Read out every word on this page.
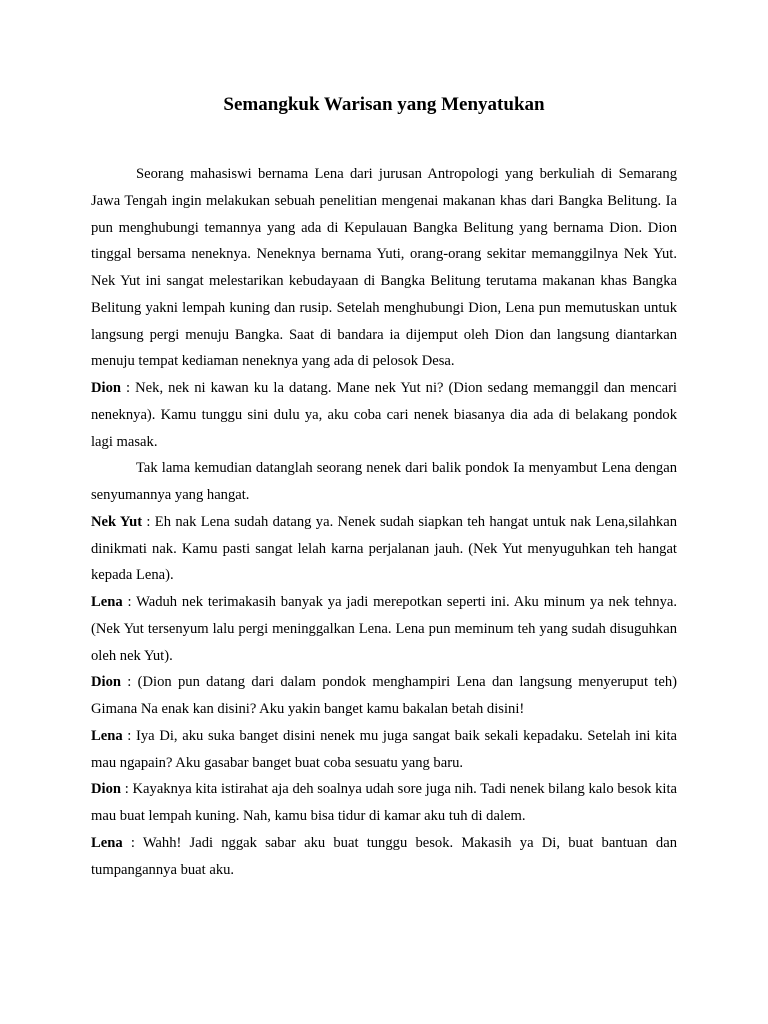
Semangkuk Warisan yang Menyatukan

Seorang mahasiswi bernama Lena dari jurusan Antropologi yang berkuliah di Semarang Jawa Tengah ingin melakukan sebuah penelitian mengenai makanan khas dari Bangka Belitung. Ia pun menghubungi temannya yang ada di Kepulauan Bangka Belitung yang bernama Dion. Dion tinggal bersama neneknya. Neneknya bernama Yuti, orang-orang sekitar memanggilnya Nek Yut. Nek Yut ini sangat melestarikan kebudayaan di Bangka Belitung terutama makanan khas Bangka Belitung yakni lempah kuning dan rusip. Setelah menghubungi Dion, Lena pun memutuskan untuk langsung pergi menuju Bangka. Saat di bandara ia dijemput oleh Dion dan langsung diantarkan menuju tempat kediaman neneknya yang ada di pelosok Desa.

Dion : Nek, nek ni kawan ku la datang. Mane nek Yut ni? (Dion sedang memanggil dan mencari neneknya). Kamu tunggu sini dulu ya, aku coba cari nenek biasanya dia ada di belakang pondok lagi masak.

Tak lama kemudian datanglah seorang nenek dari balik pondok Ia menyambut Lena dengan senyumannya yang hangat.

Nek Yut : Eh nak Lena sudah datang ya. Nenek sudah siapkan teh hangat untuk nak Lena,silahkan dinikmati nak. Kamu pasti sangat lelah karna perjalanan jauh. (Nek Yut menyuguhkan teh hangat kepada Lena).

Lena : Waduh nek terimakasih banyak ya jadi merepotkan seperti ini. Aku minum ya nek tehnya. (Nek Yut tersenyum lalu pergi meninggalkan Lena. Lena pun meminum teh yang sudah disuguhkan oleh nek Yut).

Dion : (Dion pun datang dari dalam pondok menghampiri Lena dan langsung menyeruput teh) Gimana Na enak kan disini? Aku yakin banget kamu bakalan betah disini!

Lena : Iya Di, aku suka banget disini nenek mu juga sangat baik sekali kepadaku. Setelah ini kita mau ngapain? Aku gasabar banget buat coba sesuatu yang baru.

Dion : Kayaknya kita istirahat aja deh soalnya udah sore juga nih. Tadi nenek bilang kalo besok kita mau buat lempah kuning. Nah, kamu bisa tidur di kamar aku tuh di dalem.

Lena : Wahh! Jadi nggak sabar aku buat tunggu besok. Makasih ya Di, buat bantuan dan tumpangannya buat aku.
